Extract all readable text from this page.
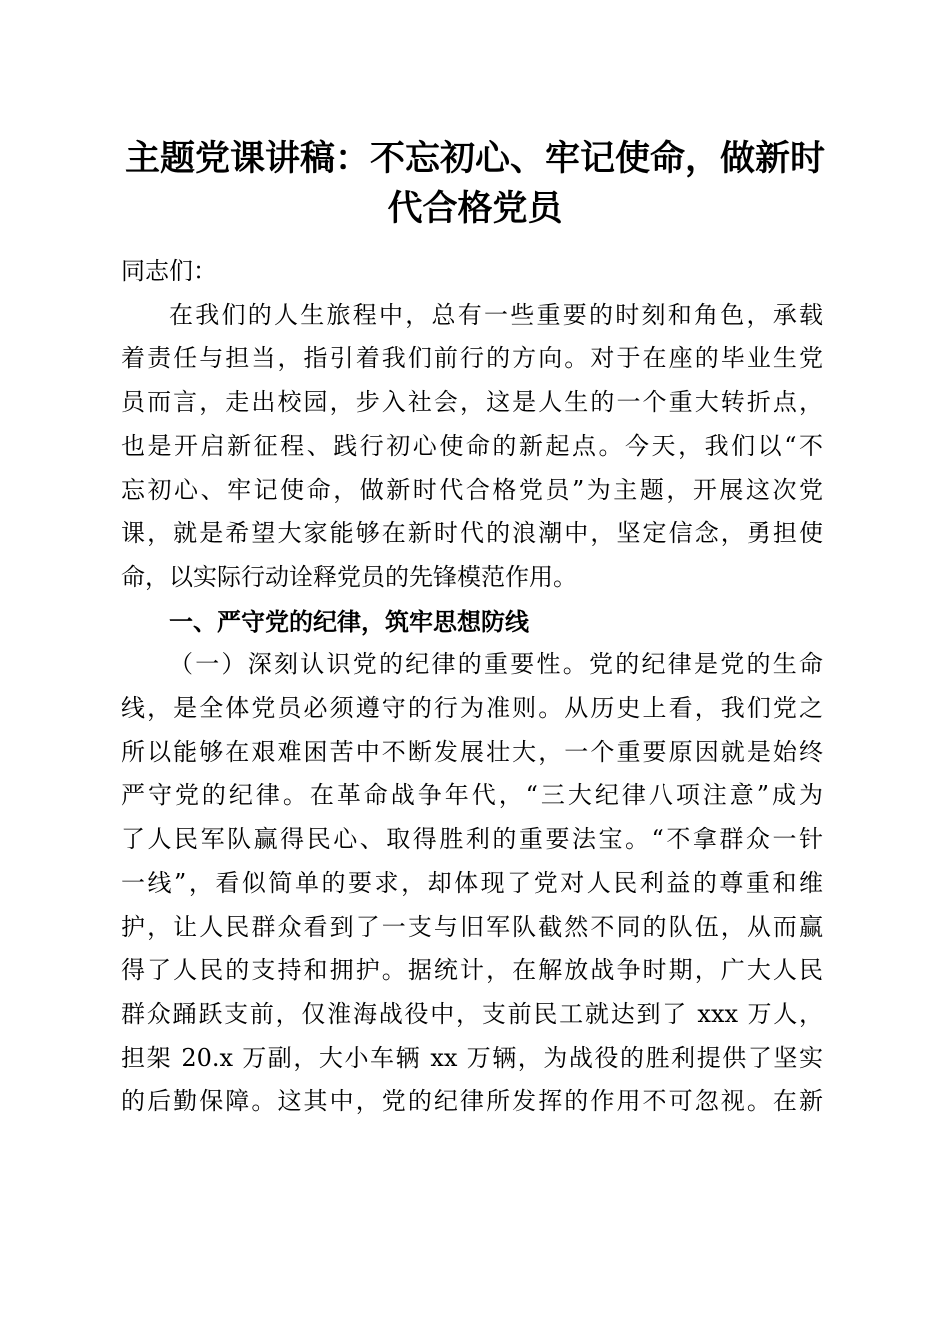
主题党课讲稿：不忘初心、牢记使命，做新时
代合格党员

同志们：

在我们的人生旅程中，总有一些重要的时刻和角色，承载
着责任与担当，指引着我们前行的方向。对于在座的毕业生党
员而言，走出校园，步入社会，这是人生的一个重大转折点，
也是开启新征程、践行初心使命的新起点。今天，我们以“不
忘初心、牢记使命，做新时代合格党员”为主题，开展这次党
课，就是希望大家能够在新时代的浪潮中，坚定信念，勇担使
命，以实际行动诠释党员的先锋模范作用。
一、严守党的纪律，筑牢思想防线
（一）深刻认识党的纪律的重要性。党的纪律是党的生命
线，是全体党员必须遵守的行为准则。从历史上看，我们党之
所以能够在艰难困苦中不断发展壮大，一个重要原因就是始终
严守党的纪律。在革命战争年代，“三大纪律八项注意”成为
了人民军队赢得民心、取得胜利的重要法宝。“不拿群众一针
一线”，看似简单的要求，却体现了党对人民利益的尊重和维
护，让人民群众看到了一支与旧军队截然不同的队伍，从而赢
得了人民的支持和拥护。据统计，在解放战争时期，广大人民
群众踊跃支前，仅淮海战役中，支前民工就达到了 xxx 万人，
担架 20.x 万副，大小车辆 xx 万辆，为战役的胜利提供了坚实
的后勤保障。这其中，党的纪律所发挥的作用不可忽视。在新
